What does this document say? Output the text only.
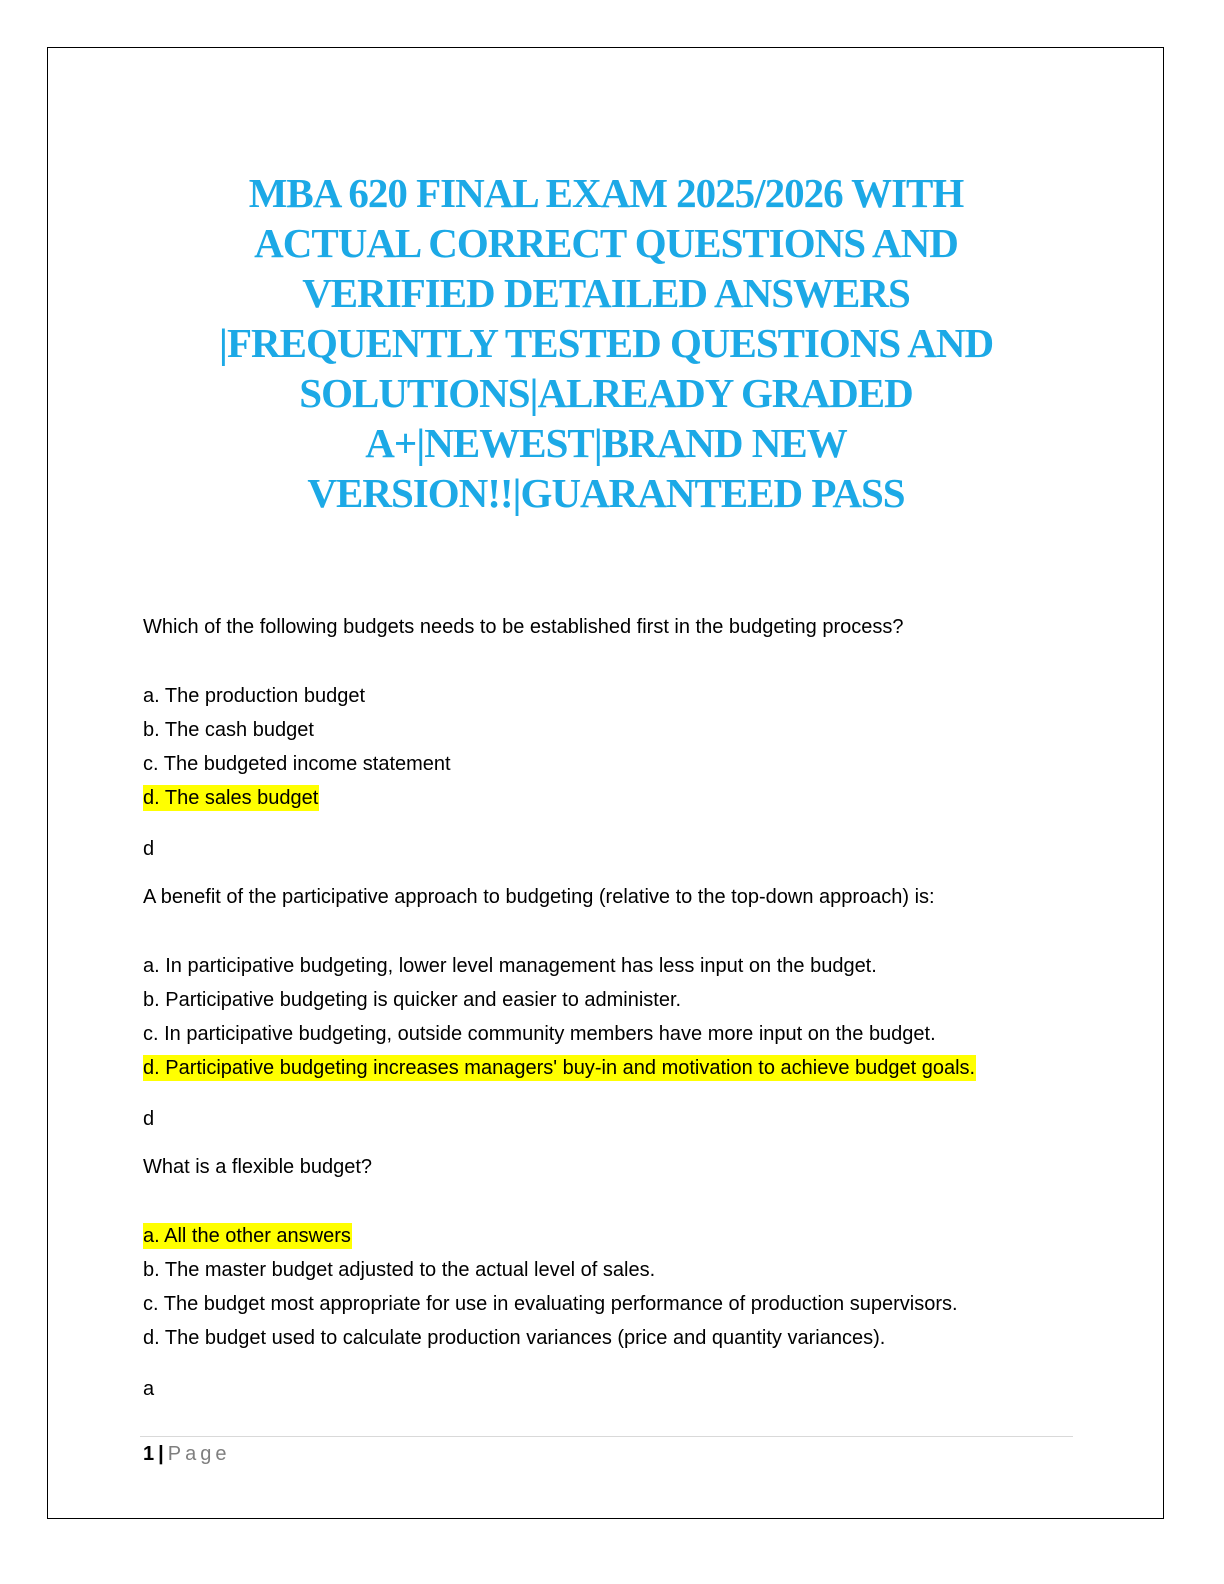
MBA 620 FINAL EXAM 2025/2026 WITH
ACTUAL CORRECT QUESTIONS AND
VERIFIED DETAILED ANSWERS
|FREQUENTLY TESTED QUESTIONS AND
SOLUTIONS|ALREADY GRADED
A+|NEWEST|BRAND NEW
VERSION!!|GUARANTEED PASS

Which of the following budgets needs to be established first in the budgeting process?

a. The production budget
b. The cash budget
c. The budgeted income statement
d. The sales budget

d

A benefit of the participative approach to budgeting (relative to the top-down approach) is:

a. In participative budgeting, lower level management has less input on the budget.
b. Participative budgeting is quicker and easier to administer.
c. In participative budgeting, outside community members have more input on the budget.
d. Participative budgeting increases managers' buy-in and motivation to achieve budget goals.

d

What is a flexible budget?

a. All the other answers
b. The master budget adjusted to the actual level of sales.
c. The budget most appropriate for use in evaluating performance of production supervisors.
d. The budget used to calculate production variances (price and quantity variances).

a

1 | Page
